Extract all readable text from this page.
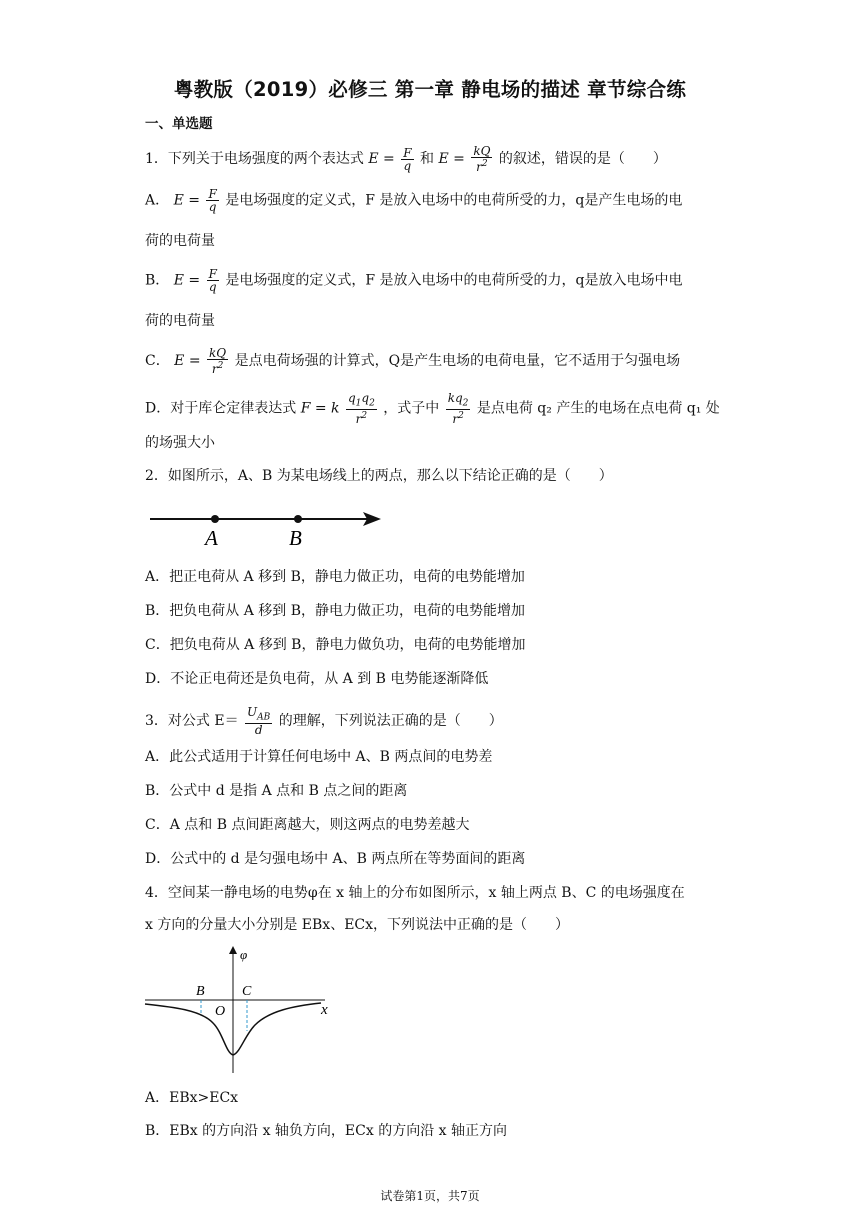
粤教版（2019）必修三 第一章 静电场的描述 章节综合练
一、单选题
1．下列关于电场强度的两个表达式 $E = \frac{F}{q}$ 和 $E = \frac{kQ}{r^2}$ 的叙述，错误的是（　　）
A． $E = \frac{F}{q}$ 是电场强度的定义式，F 是放入电场中的电荷所受的力，q是产生电场的电
荷的电荷量
B． $E = \frac{F}{q}$ 是电场强度的定义式，F 是放入电场中的电荷所受的力，q是放入电场中电
荷的电荷量
C． $E = \frac{kQ}{r^2}$ 是点电荷场强的计算式，Q是产生电场的电荷电量，它不适用于匀强电场
D．对于库仑定律表达式 F = k $\frac{q_1q_2}{r^2}$ ，式子中 $\frac{kq_2}{r^2}$ 是点电荷 q₂ 产生的电场在点电荷 q₁ 处
的场强大小
2．如图所示，A、B 为某电场线上的两点，那么以下结论正确的是（　　）
A	B
A．把正电荷从 A 移到 B，静电力做正功，电荷的电势能增加
B．把负电荷从 A 移到 B，静电力做正功，电荷的电势能增加
C．把负电荷从 A 移到 B，静电力做负功，电荷的电势能增加
D．不论正电荷还是负电荷，从 A 到 B 电势能逐渐降低
3．对公式 $E= \frac{U_{AB}}{d}$ 的理解，下列说法正确的是（　　）
A．此公式适用于计算任何电场中 A、B 两点间的电势差
B．公式中 d 是指 A 点和 B 点之间的距离
C．A 点和 B 点间距离越大，则这两点的电势差越大
D．公式中的 d 是匀强电场中 A、B 两点所在等势面间的距离
4．空间某一静电场的电势φ在 x 轴上的分布如图所示，x 轴上两点 B、C 的电场强度在
x 方向的分量大小分别是 EBx、ECx，下列说法中正确的是（　　）
φ
x
O
B	C
A．EBx>ECx
B．EBx 的方向沿 x 轴负方向，ECx 的方向沿 x 轴正方向
试卷第1页，共7页
